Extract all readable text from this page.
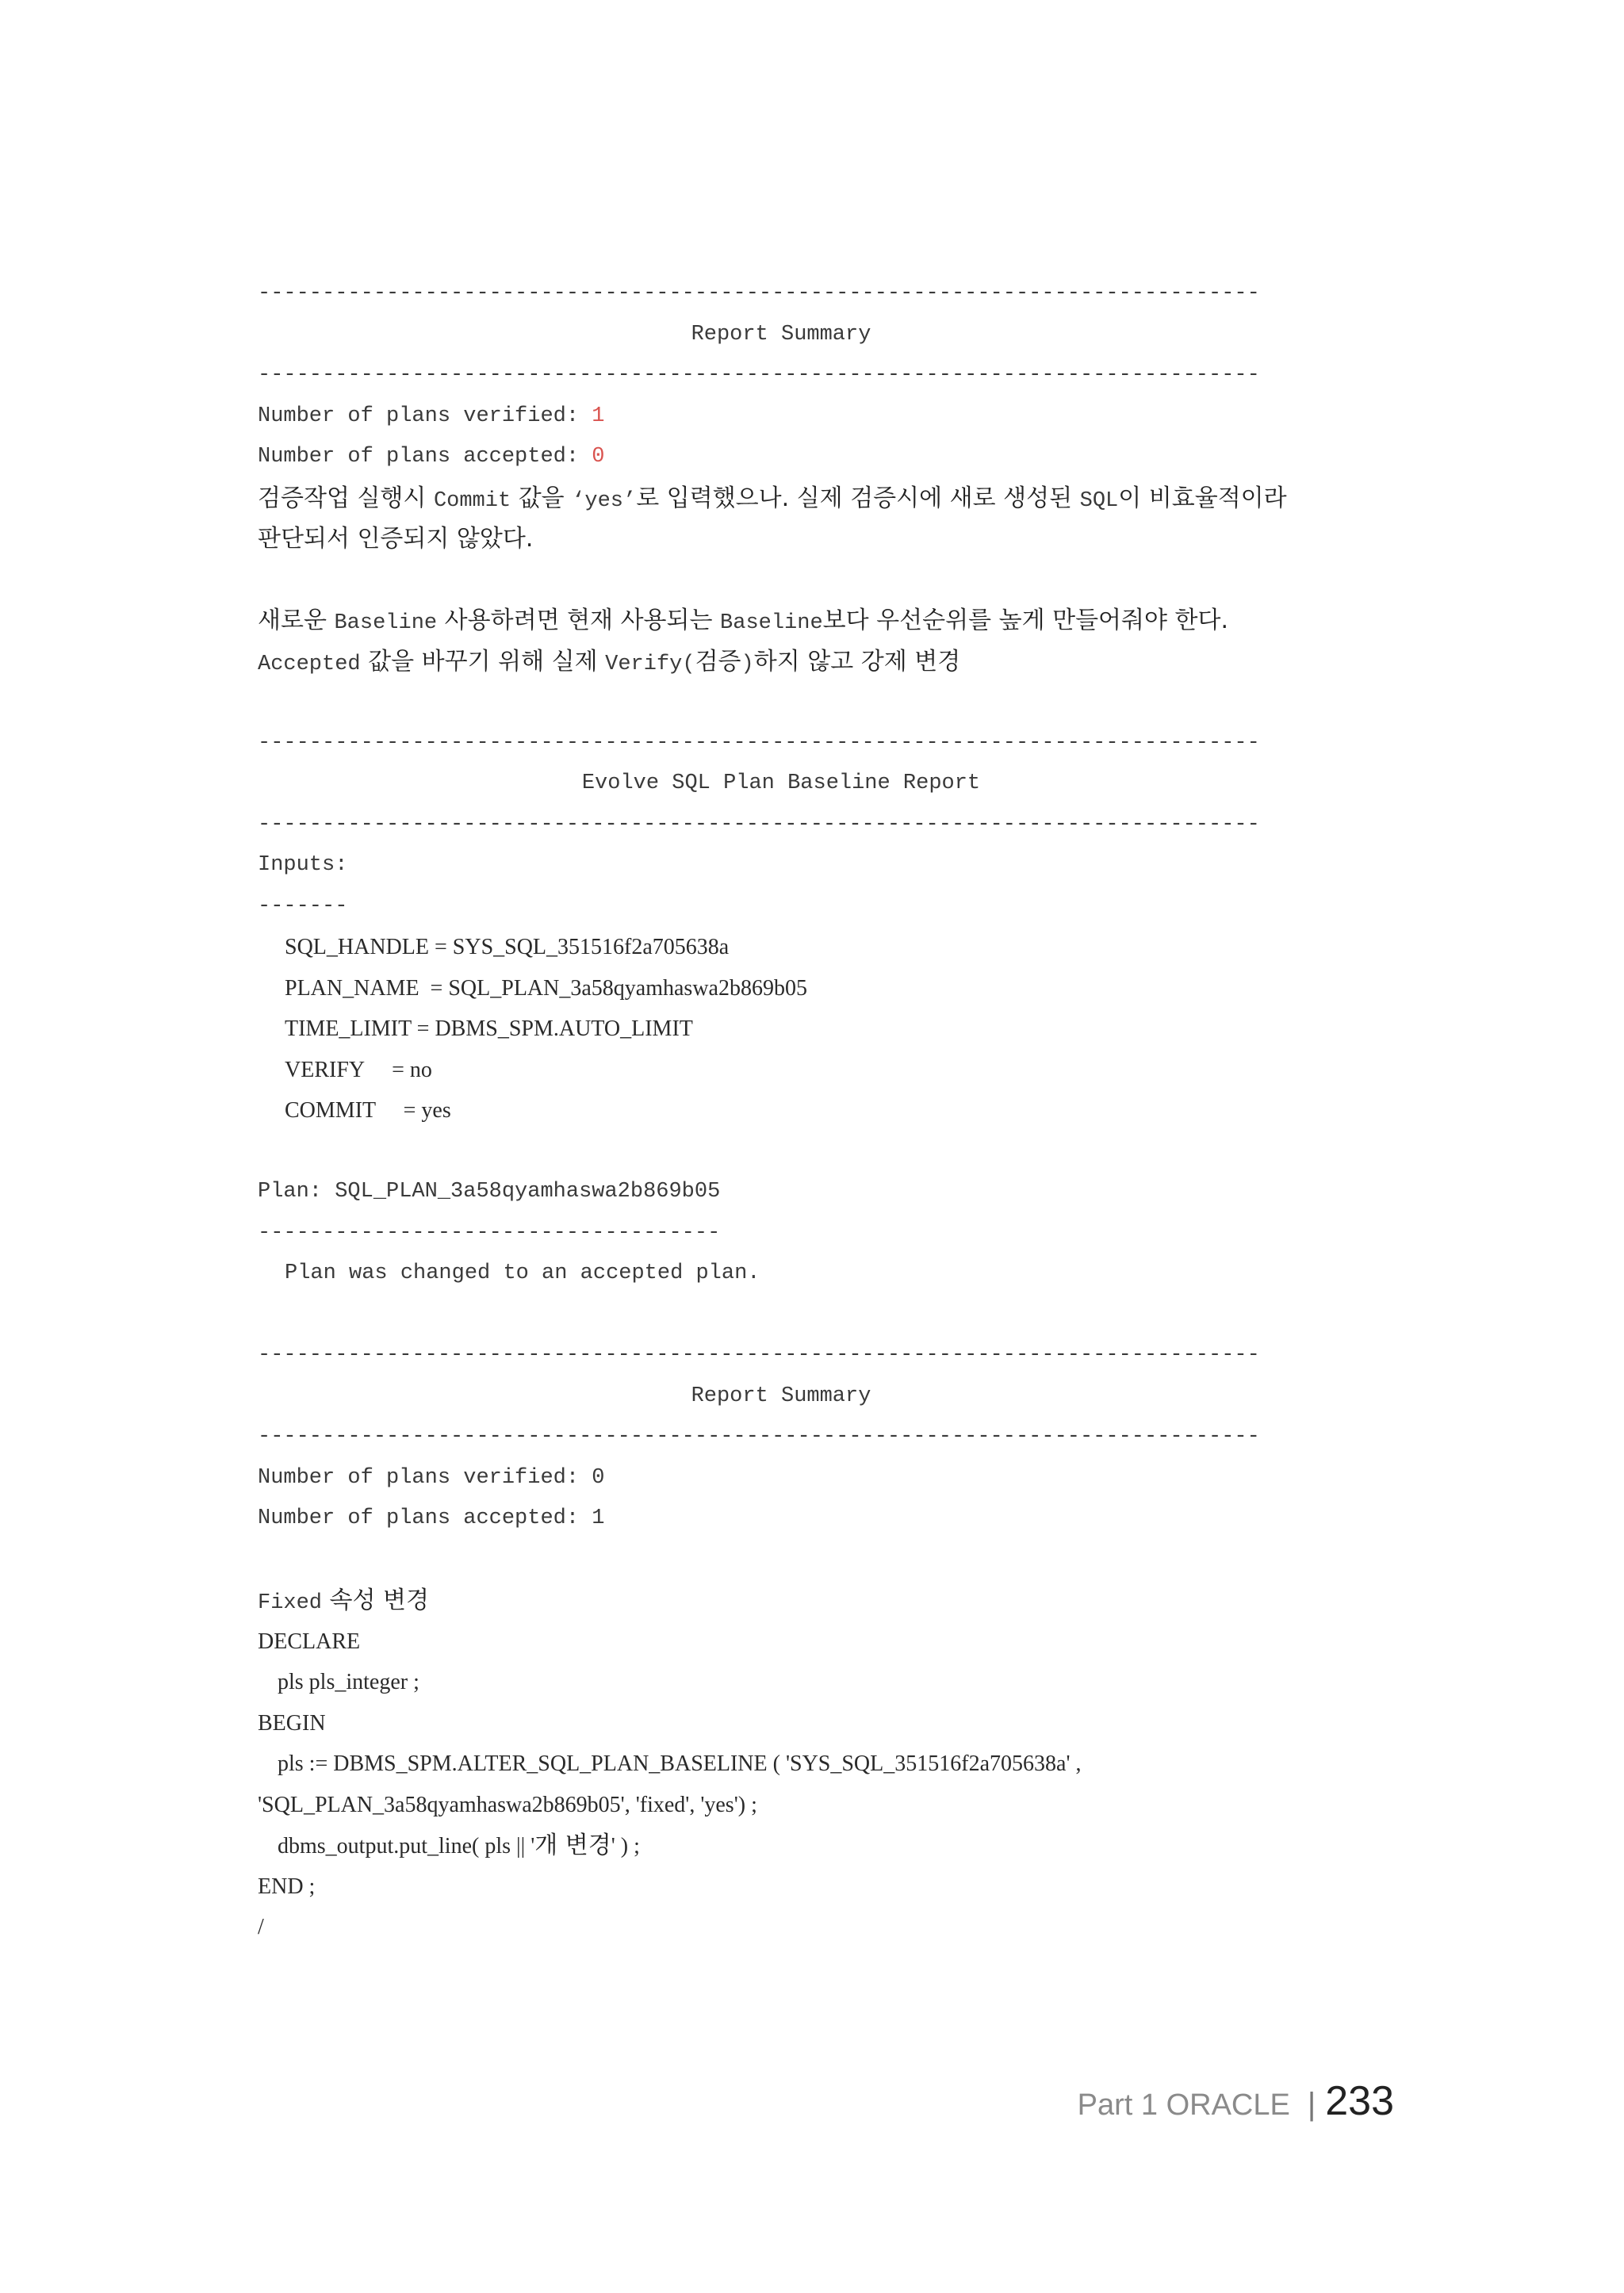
------------------------------------------------------------------------------
Report Summary
------------------------------------------------------------------------------
Number of plans verified: 1
Number of plans accepted: 0
검증작업 실행시 Commit 값을 ‘yes’로 입력했으나. 실제 검증시에 새로 생성된 SQL이 비효율적이라
판단되서 인증되지 않았다.
새로운 Baseline 사용하려면 현재 사용되는 Baseline보다 우선순위를 높게 만들어줘야 한다.
Accepted 값을 바꾸기 위해 실제 Verify(검증)하지 않고 강제 변경
------------------------------------------------------------------------------
Evolve SQL Plan Baseline Report
------------------------------------------------------------------------------
Inputs:
-------
SQL_HANDLE = SYS_SQL_351516f2a705638a
PLAN_NAME  = SQL_PLAN_3a58qyamhaswa2b869b05
TIME_LIMIT = DBMS_SPM.AUTO_LIMIT
VERIFY     = no
COMMIT     = yes
Plan: SQL_PLAN_3a58qyamhaswa2b869b05
------------------------------------
Plan was changed to an accepted plan.
------------------------------------------------------------------------------
Report Summary
------------------------------------------------------------------------------
Number of plans verified: 0
Number of plans accepted: 1
Fixed 속성 변경
DECLARE
pls pls_integer ;
BEGIN
pls := DBMS_SPM.ALTER_SQL_PLAN_BASELINE ( 'SYS_SQL_351516f2a705638a' ,
'SQL_PLAN_3a58qyamhaswa2b869b05', 'fixed', 'yes') ;
dbms_output.put_line( pls || '개 변경' ) ;
END ;
/
Part 1 ORACLE | 233
